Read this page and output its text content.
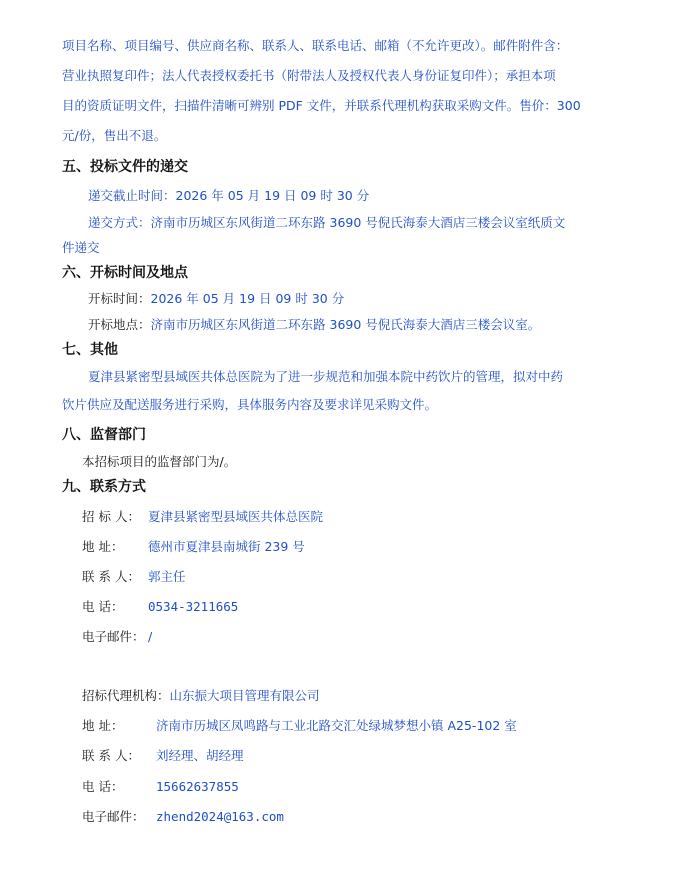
项目名称、项目编号、供应商名称、联系人、联系电话、邮箱（不允许更改）。邮件附件含：
营业执照复印件；法人代表授权委托书（附带法人及授权代表人身份证复印件）；承担本项
目的资质证明文件，扫描件清晰可辨别 PDF 文件，并联系代理机构获取采购文件。售价：300
元/份，售出不退。
五、投标文件的递交
递交截止时间：2026 年 05 月 19 日 09 时 30 分
递交方式：济南市历城区东风街道二环东路 3690 号倪氏海泰大酒店三楼会议室纸质文
件递交
六、开标时间及地点
开标时间：2026 年 05 月 19 日 09 时 30 分
开标地点：济南市历城区东风街道二环东路 3690 号倪氏海泰大酒店三楼会议室。
七、其他
夏津县紧密型县域医共体总医院为了进一步规范和加强本院中药饮片的管理，拟对中药
饮片供应及配送服务进行采购，具体服务内容及要求详见采购文件。
八、监督部门
本招标项目的监督部门为/。
九、联系方式
招 标 人： 夏津县紧密型县域医共体总医院
地 址： 德州市夏津县南城街 239 号
联 系 人： 郭主任
电 话： 0534-3211665
电子邮件： /
招标代理机构：山东振大项目管理有限公司
地 址：	济南市历城区凤鸣路与工业北路交汇处绿城梦想小镇 A25-102 室
联 系 人： 刘经理、胡经理
电 话：	15662637855
电子邮件： zhend2024@163.com
